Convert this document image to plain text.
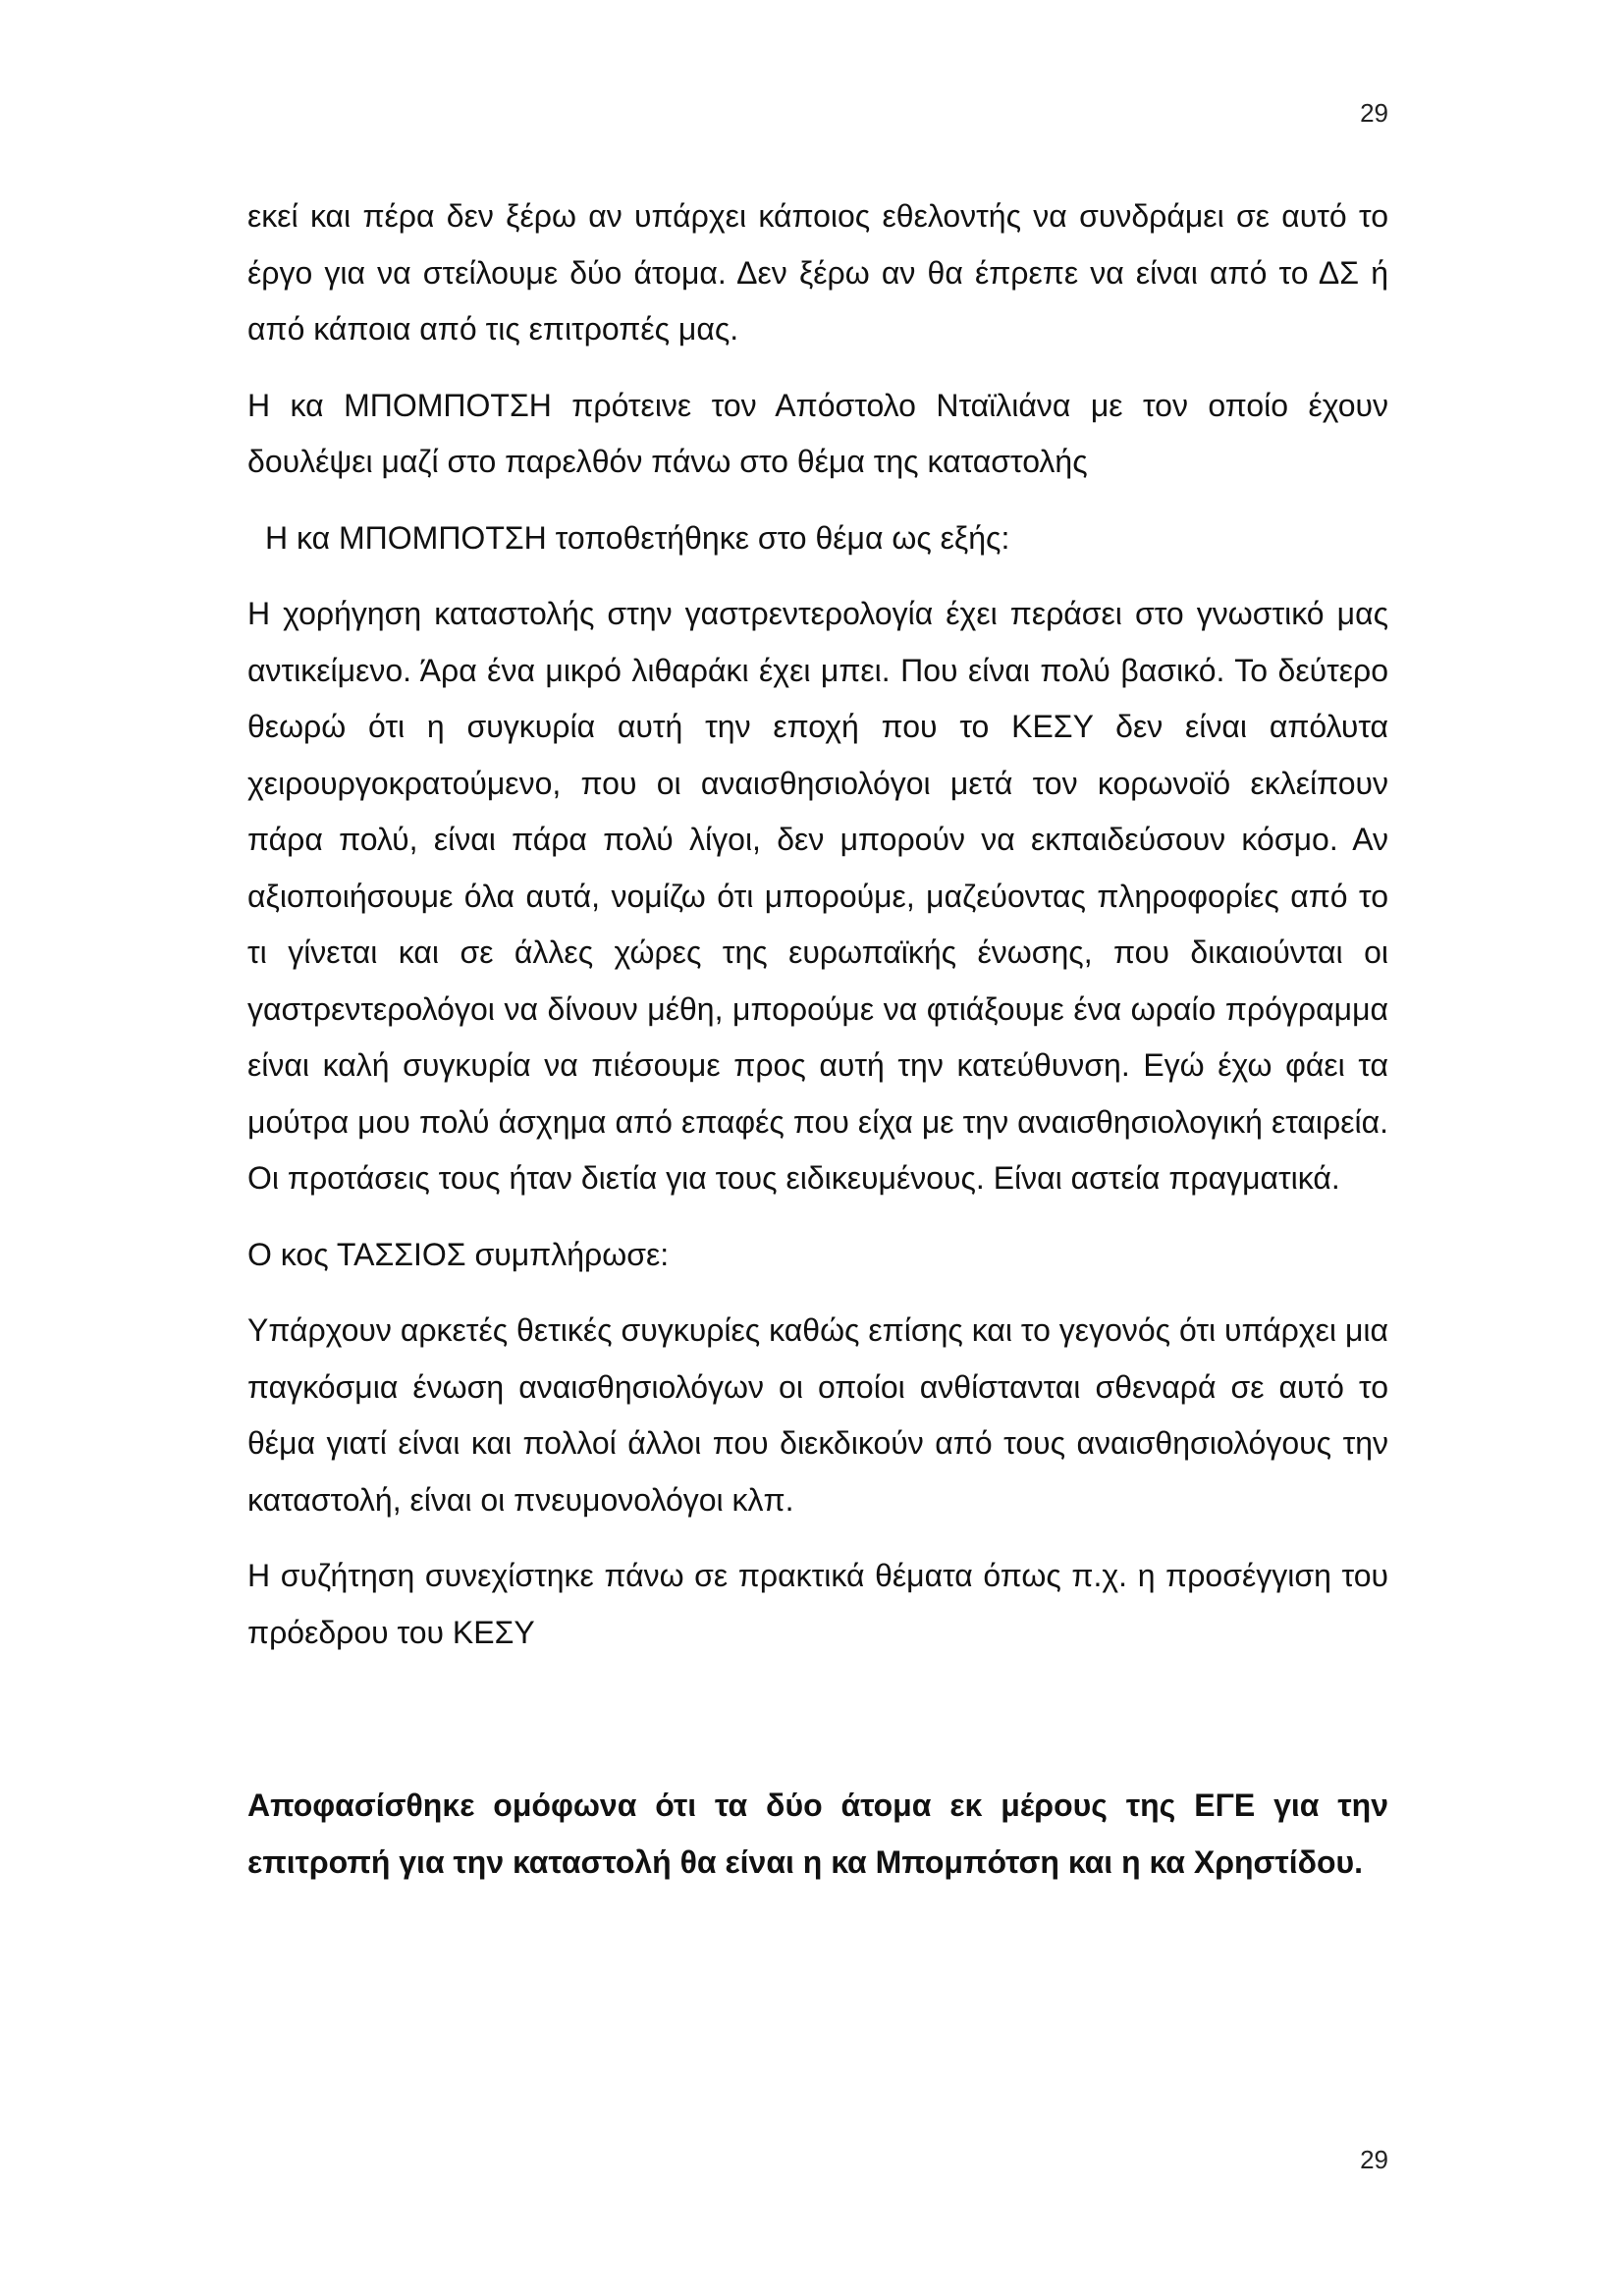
29

εκεί και πέρα δεν ξέρω αν υπάρχει κάποιος εθελοντής να συνδράμει σε αυτό το έργο για να στείλουμε δύο άτομα. Δεν ξέρω αν θα έπρεπε να είναι από το ΔΣ ή από κάποια από τις επιτροπές μας.

Η κα ΜΠΟΜΠΟΤΣΗ πρότεινε τον Απόστολο Νταϊλιάνα με τον οποίο έχουν δουλέψει μαζί στο παρελθόν πάνω στο θέμα της καταστολής

Η κα ΜΠΟΜΠΟΤΣΗ τοποθετήθηκε στο θέμα ως εξής:

Η χορήγηση καταστολής στην γαστρεντερολογία έχει περάσει στο γνωστικό μας αντικείμενο. Άρα ένα μικρό λιθαράκι έχει μπει. Που είναι πολύ βασικό. Το δεύτερο θεωρώ ότι η συγκυρία αυτή την εποχή που το ΚΕΣΥ δεν είναι απόλυτα χειρουργοκρατούμενο, που οι αναισθησιολόγοι μετά τον κορωνοϊό εκλείπουν πάρα πολύ, είναι πάρα πολύ λίγοι, δεν μπορούν να εκπαιδεύσουν κόσμο. Αν αξιοποιήσουμε όλα αυτά, νομίζω ότι μπορούμε, μαζεύοντας πληροφορίες από το τι γίνεται και σε άλλες χώρες της ευρωπαϊκής ένωσης, που δικαιούνται οι γαστρεντερολόγοι να δίνουν μέθη, μπορούμε να φτιάξουμε ένα ωραίο πρόγραμμα είναι καλή συγκυρία να πιέσουμε προς αυτή την κατεύθυνση. Εγώ έχω φάει τα μούτρα μου πολύ άσχημα από επαφές που είχα με την αναισθησιολογική εταιρεία. Οι προτάσεις τους ήταν διετία για τους ειδικευμένους. Είναι αστεία πραγματικά.

Ο κος ΤΑΣΣΙΟΣ συμπλήρωσε:

Υπάρχουν αρκετές θετικές συγκυρίες καθώς επίσης και το γεγονός ότι υπάρχει μια παγκόσμια ένωση αναισθησιολόγων οι οποίοι ανθίστανται σθεναρά σε αυτό το θέμα γιατί είναι και πολλοί άλλοι που διεκδικούν από τους αναισθησιολόγους την καταστολή, είναι οι πνευμονολόγοι κλπ.

Η συζήτηση συνεχίστηκε πάνω σε πρακτικά θέματα όπως π.χ. η προσέγγιση του πρόεδρου του ΚΕΣΥ

Αποφασίσθηκε ομόφωνα ότι τα δύο άτομα εκ μέρους της ΕΓΕ για την επιτροπή για την καταστολή θα είναι η κα Μπομπότση και η κα Χρηστίδου.

29
